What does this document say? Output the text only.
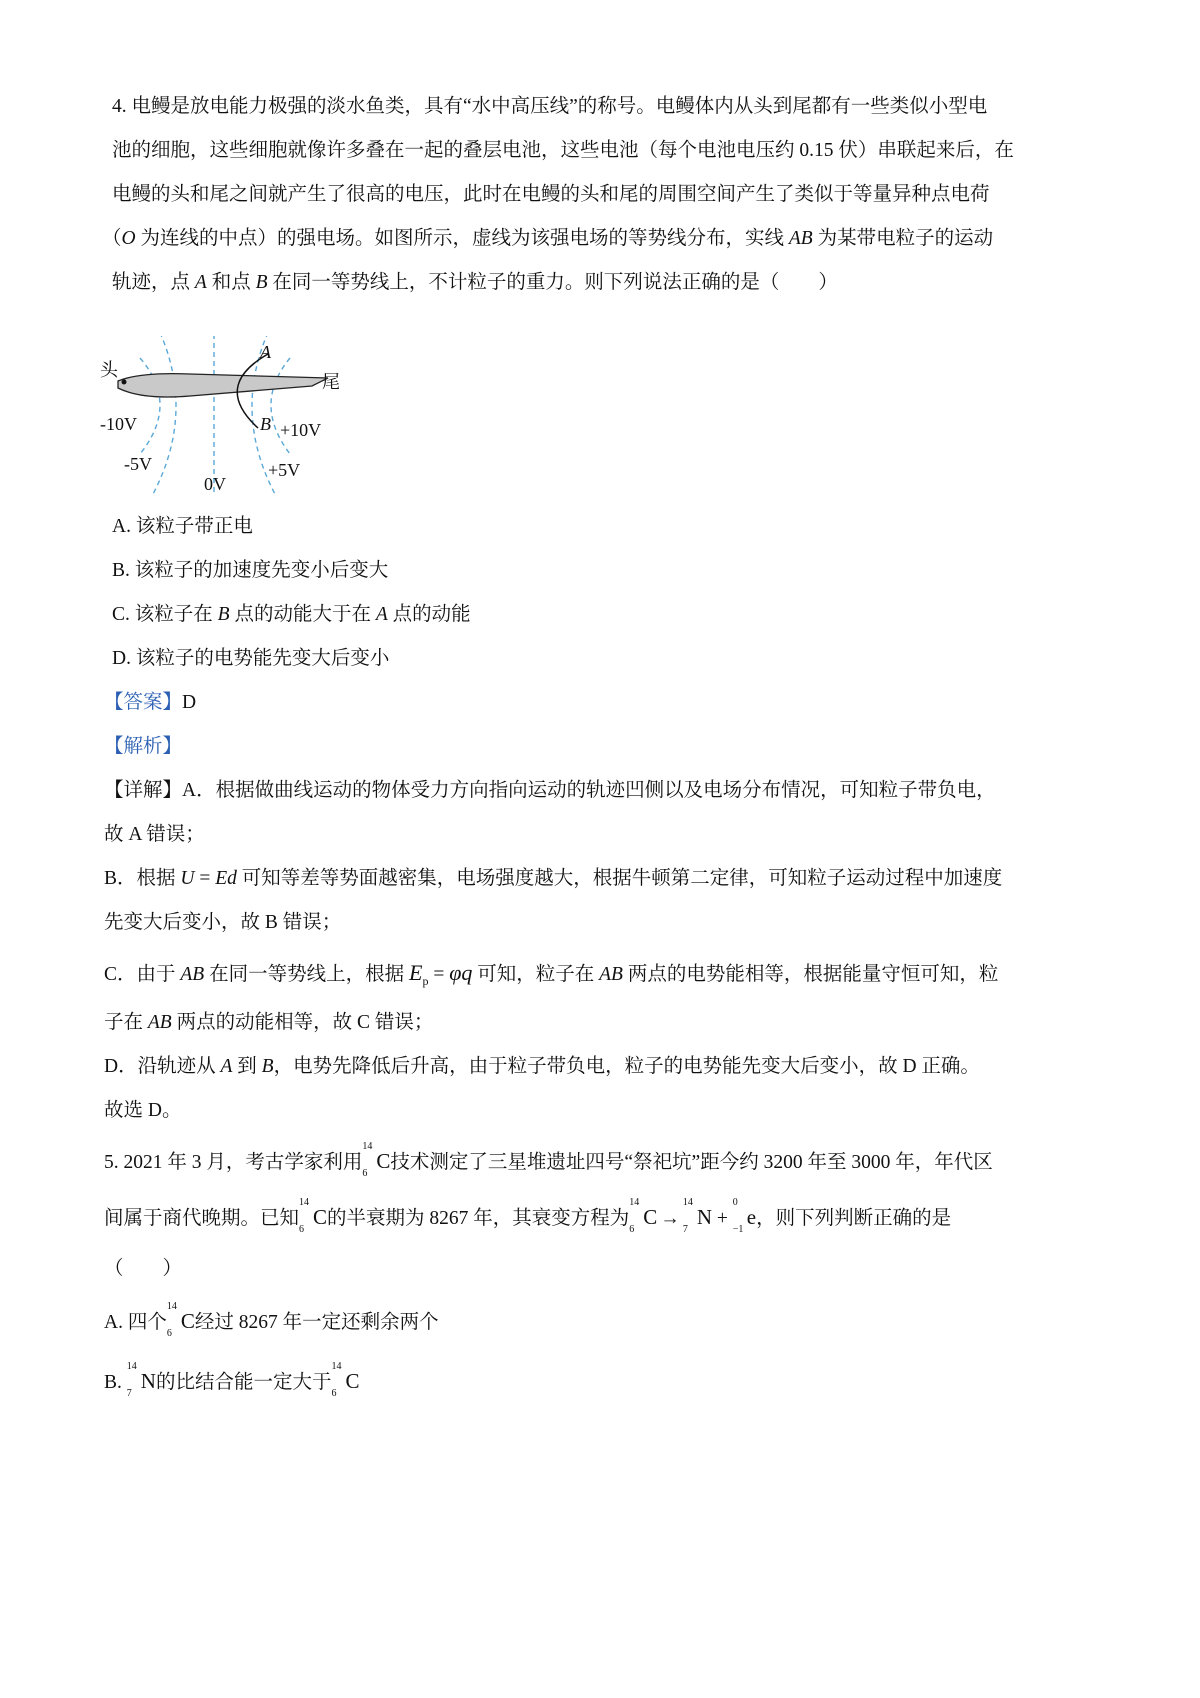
4. 电鳗是放电能力极强的淡水鱼类，具有“水中高压线”的称号。电鳗体内从头到尾都有一些类似小型电
池的细胞，这些细胞就像许多叠在一起的叠层电池，这些电池（每个电池电压约 0.15 伏）串联起来后，在
电鳗的头和尾之间就产生了很高的电压，此时在电鳗的头和尾的周围空间产生了类似于等量异种点电荷
（O 为连线的中点）的强电场。如图所示，虚线为该强电场的等势线分布，实线 AB 为某带电粒子的运动
轨迹，点 A 和点 B 在同一等势线上，不计粒子的重力。则下列说法正确的是（　　）
A
B
头
尾
-10V
-5V
0V
+5V
+10V
A. 该粒子带正电
B. 该粒子的加速度先变小后变大
C. 该粒子在 B 点的动能大于在 A 点的动能
D. 该粒子的电势能先变大后变小
【答案】D
【解析】
【详解】A．根据做曲线运动的物体受力方向指向运动的轨迹凹侧以及电场分布情况，可知粒子带负电，
故 A 错误；
B．根据 U = Ed 可知等差等势面越密集，电场强度越大，根据牛顿第二定律，可知粒子运动过程中加速度
先变大后变小，故 B 错误；
C．由于 AB 在同一等势线上，根据 $E_p = \varphi q$ 可知，粒子在 AB 两点的电势能相等，根据能量守恒可知，粒
子在 AB 两点的动能相等，故 C 错误；
D．沿轨迹从 A 到 B，电势先降低后升高，由于粒子带负电，粒子的电势能先变大后变小，故 D 正确。
故选 D。
5. 2021 年 3 月，考古学家利用
14
6
C技术测定了三星堆遗址四号“祭祀坑”距今约 3200 年至 3000 年，年代区
间属于商代晚期。已知
14
6
C的半衰期为 8267 年，其衰变方程为
14
6
C →
14
7
N +
0
−1
e，则下列判断正确的是
（　　）
A. 四个
14
6
C经过 8267 年一定还剩余两个
B.
14
7
N的比结合能一定大于
14
6
C
